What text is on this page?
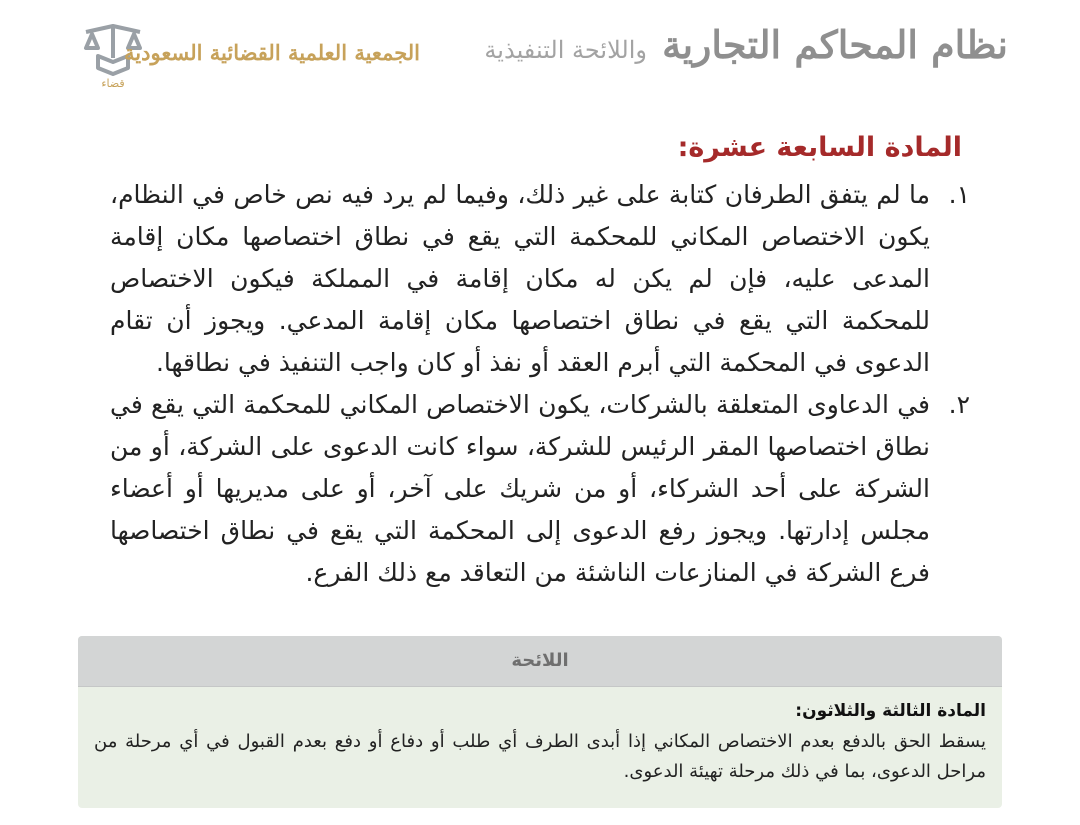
نظام المحاكم التجارية واللائحة التنفيذية
قضاء
الجمعية العلمية القضائية السعودية
المادة السابعة عشرة:
١.
ما لم يتفق الطرفان كتابة على غير ذلك، وفيما لم يرد فيه نص خاص في النظام، يكون الاختصاص المكاني للمحكمة التي يقع في نطاق اختصاصها مكان إقامة المدعى عليه، فإن لم يكن له مكان إقامة في المملكة فيكون الاختصاص للمحكمة التي يقع في نطاق اختصاصها مكان إقامة المدعي. ويجوز أن تقام الدعوى في المحكمة التي أبرم العقد أو نفذ أو كان واجب التنفيذ في نطاقها.
٢.
في الدعاوى المتعلقة بالشركات، يكون الاختصاص المكاني للمحكمة التي يقع في نطاق اختصاصها المقر الرئيس للشركة، سواء كانت الدعوى على الشركة، أو من الشركة على أحد الشركاء، أو من شريك على آخر، أو على مديريها أو أعضاء مجلس إدارتها. ويجوز رفع الدعوى إلى المحكمة التي يقع في نطاق اختصاصها فرع الشركة في المنازعات الناشئة من التعاقد مع ذلك الفرع.
اللائحة
المادة الثالثة والثلاثون:
يسقط الحق بالدفع بعدم الاختصاص المكاني إذا أبدى الطرف أي طلب أو دفاع أو دفع بعدم القبول في أي مرحلة من مراحل الدعوى، بما في ذلك مرحلة تهيئة الدعوى.
